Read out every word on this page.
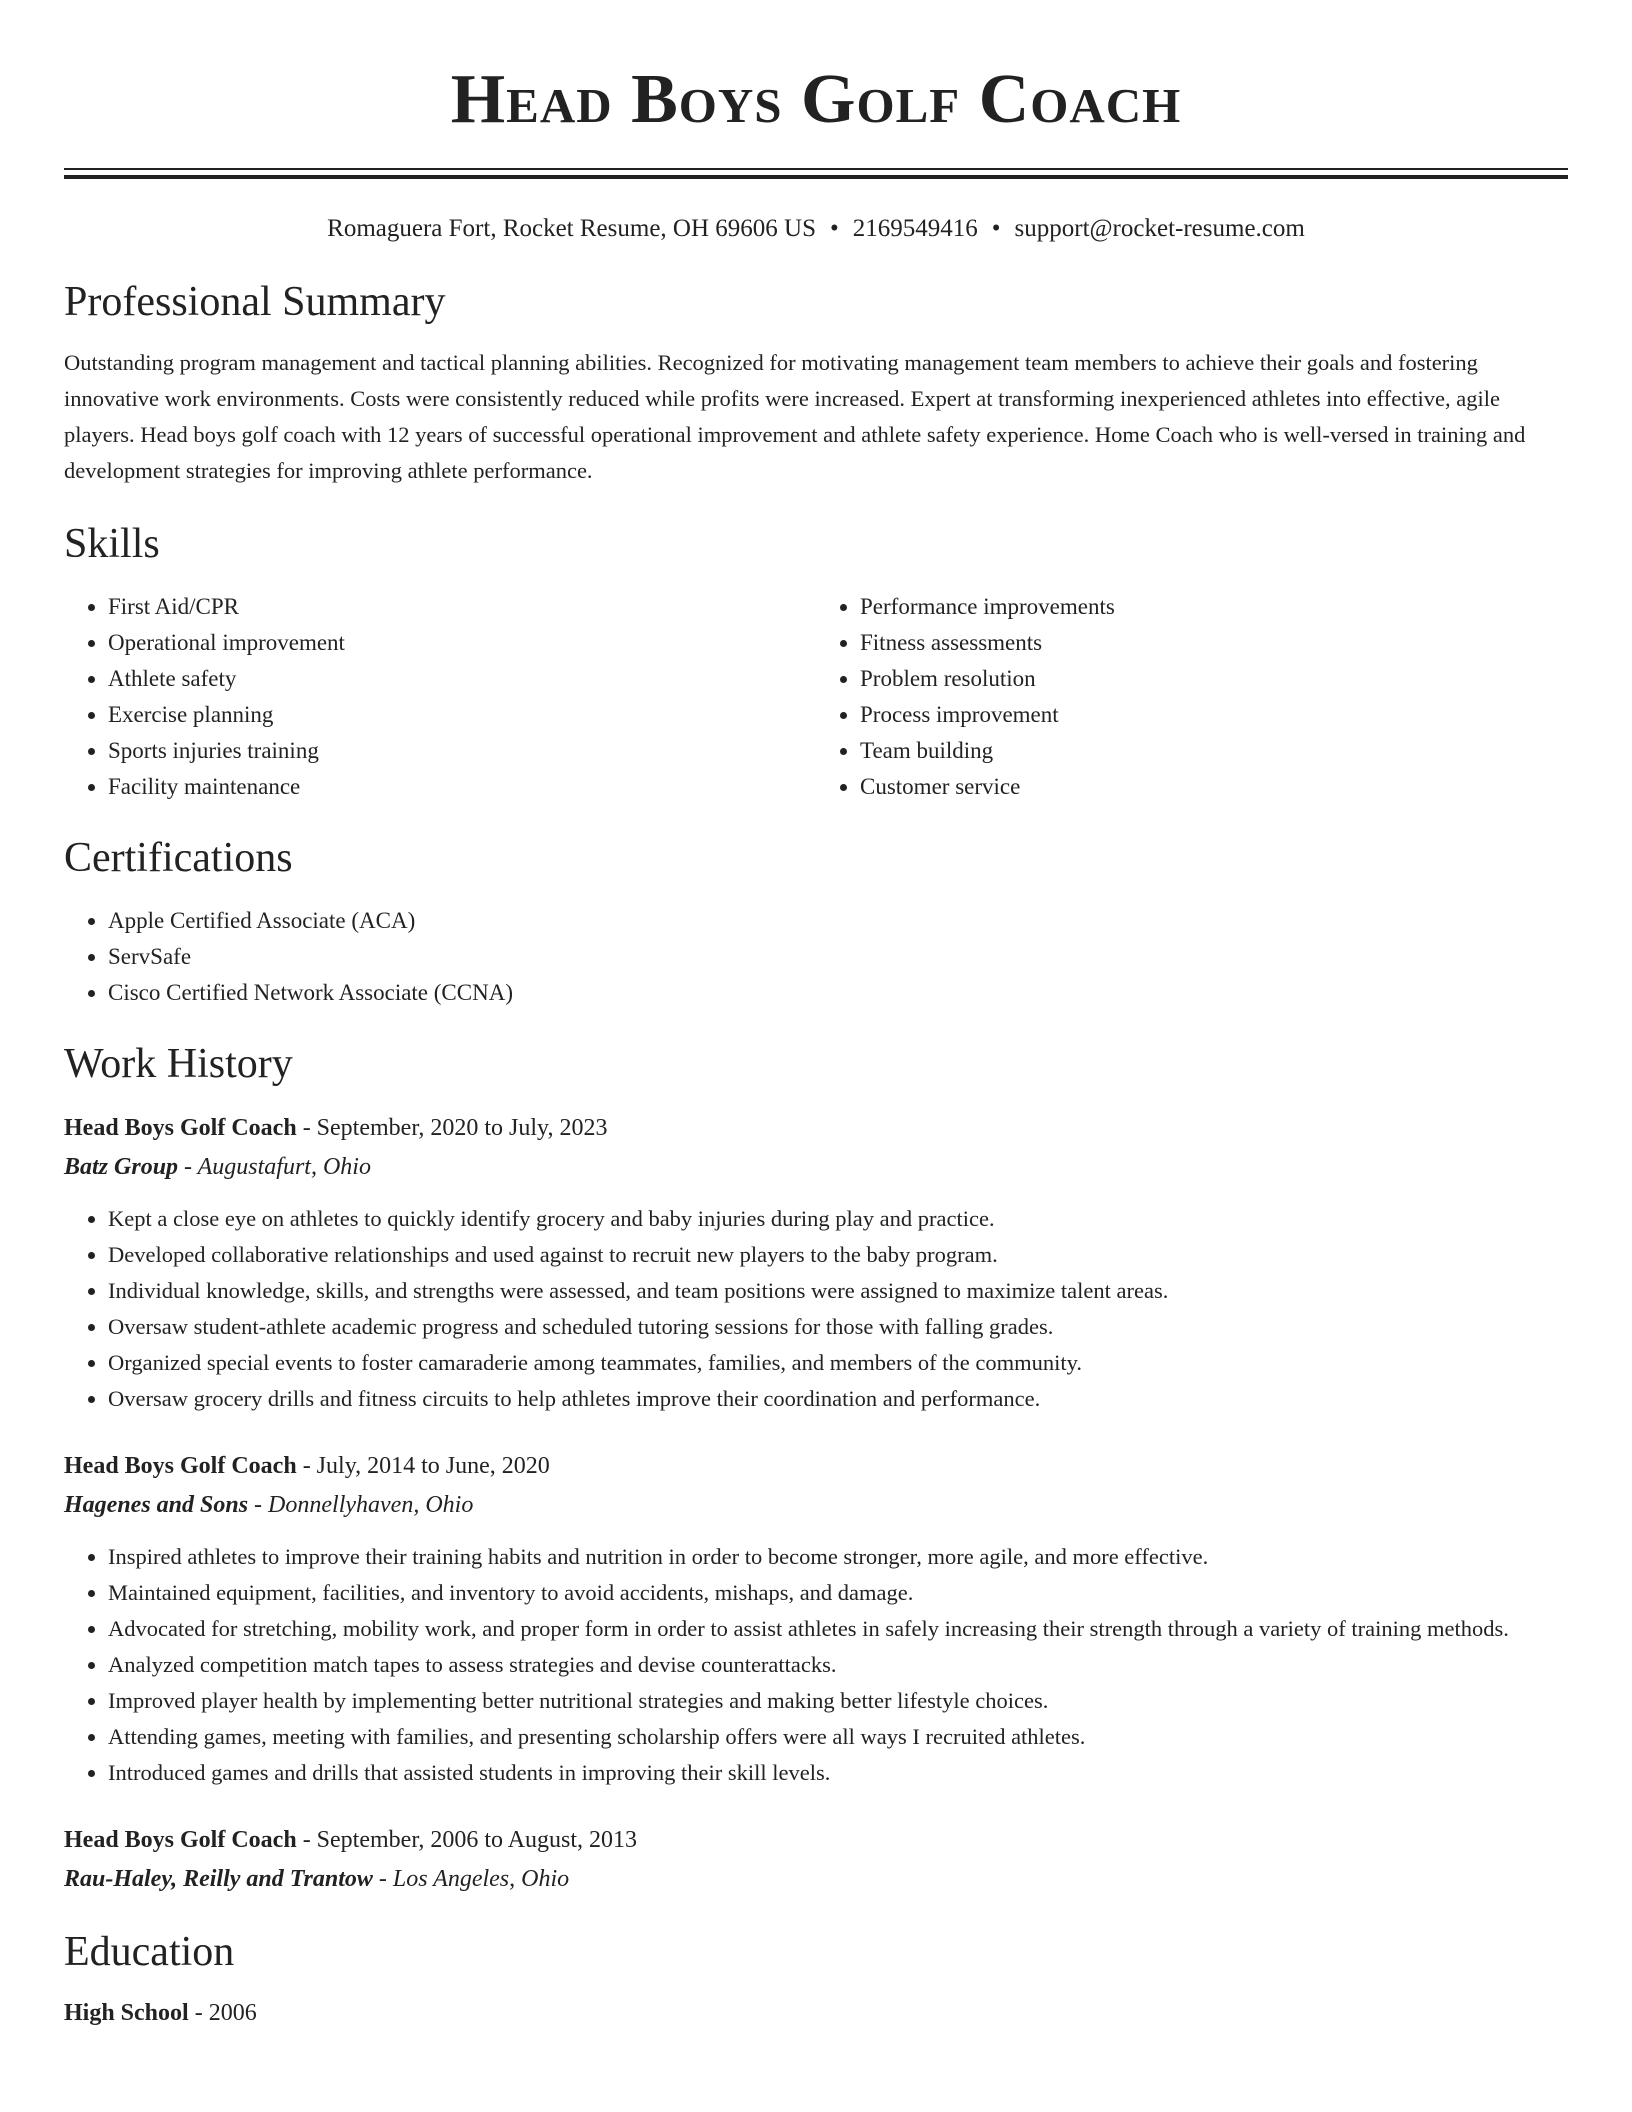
Head Boys Golf Coach
Romaguera Fort, Rocket Resume, OH 69606 US • 2169549416 • support@rocket-resume.com
Professional Summary

Outstanding program management and tactical planning abilities. Recognized for motivating management team members to achieve their goals and fostering innovative work environments. Costs were consistently reduced while profits were increased. Expert at transforming inexperienced athletes into effective, agile players. Head boys golf coach with 12 years of successful operational improvement and athlete safety experience. Home Coach who is well-versed in training and development strategies for improving athlete performance.

Skills
• First Aid/CPR
• Operational improvement
• Athlete safety
• Exercise planning
• Sports injuries training
• Facility maintenance
• Performance improvements
• Fitness assessments
• Problem resolution
• Process improvement
• Team building
• Customer service
Certifications
• Apple Certified Associate (ACA)
• ServSafe
• Cisco Certified Network Associate (CCNA)
Work History
Head Boys Golf Coach - September, 2020 to July, 2023
Batz Group - Augustafurt, Ohio
• Kept a close eye on athletes to quickly identify grocery and baby injuries during play and practice.
• Developed collaborative relationships and used against to recruit new players to the baby program.
• Individual knowledge, skills, and strengths were assessed, and team positions were assigned to maximize talent areas.
• Oversaw student-athlete academic progress and scheduled tutoring sessions for those with falling grades.
• Organized special events to foster camaraderie among teammates, families, and members of the community.
• Oversaw grocery drills and fitness circuits to help athletes improve their coordination and performance.
Head Boys Golf Coach - July, 2014 to June, 2020
Hagenes and Sons - Donnellyhaven, Ohio
• Inspired athletes to improve their training habits and nutrition in order to become stronger, more agile, and more effective.
• Maintained equipment, facilities, and inventory to avoid accidents, mishaps, and damage.
• Advocated for stretching, mobility work, and proper form in order to assist athletes in safely increasing their strength through a variety of training methods.
• Analyzed competition match tapes to assess strategies and devise counterattacks.
• Improved player health by implementing better nutritional strategies and making better lifestyle choices.
• Attending games, meeting with families, and presenting scholarship offers were all ways I recruited athletes.
• Introduced games and drills that assisted students in improving their skill levels.
Head Boys Golf Coach - September, 2006 to August, 2013
Rau-Haley, Reilly and Trantow - Los Angeles, Ohio
Education
High School - 2006
